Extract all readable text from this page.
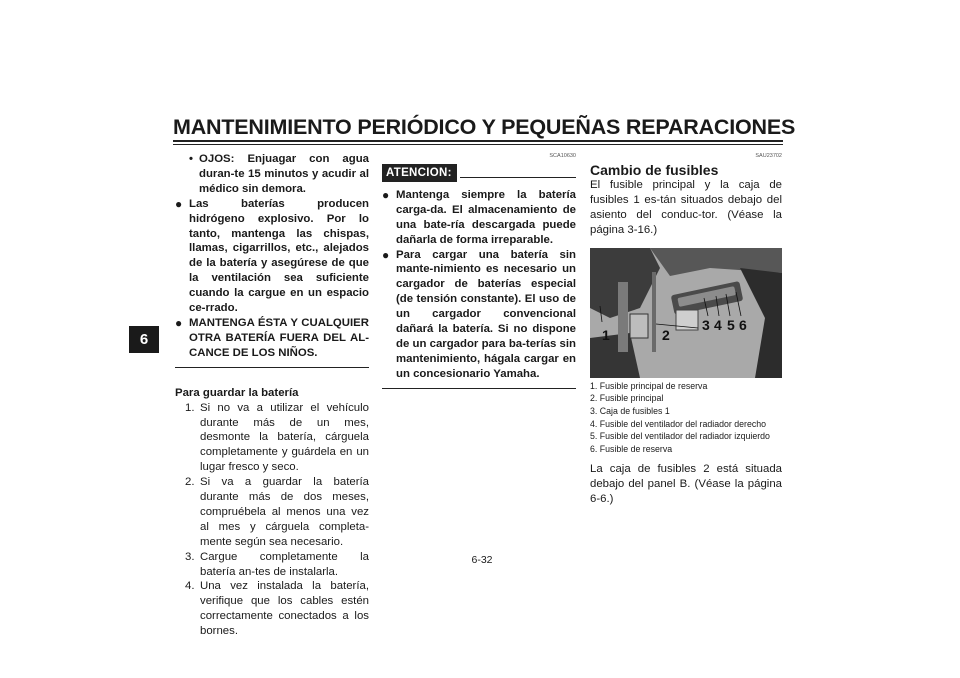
MANTENIMIENTO PERIÓDICO Y PEQUEÑAS REPARACIONES
6
• OJOS: Enjuagar con agua duran-te 15 minutos y acudir al médico sin demora.
● Las baterías producen hidrógeno explosivo. Por lo tanto, mantenga las chispas, llamas, cigarrillos, etc., alejados de la batería y asegúrese de que la ventilación sea suficiente cuando la cargue en un espacio ce-rrado.
● MANTENGA ÉSTA Y CUALQUIER OTRA BATERÍA FUERA DEL AL-CANCE DE LOS NIÑOS.
Para guardar la batería
1. Si no va a utilizar el vehículo durante más de un mes, desmonte la batería, cárguela completamente y guárdela en un lugar fresco y seco.
2. Si va a guardar la batería durante más de dos meses, compruébela al menos una vez al mes y cárguela completa-mente según sea necesario.
3. Cargue completamente la batería an-tes de instalarla.
4. Una vez instalada la batería, verifique que los cables estén correctamente conectados a los bornes.
SCA10630
ATENCION:
● Mantenga siempre la batería carga-da. El almacenamiento de una bate-ría descargada puede dañarla de forma irreparable.
● Para cargar una batería sin mante-nimiento es necesario un cargador de baterías especial (de tensión constante). El uso de un cargador convencional dañará la batería. Si no dispone de un cargador para ba-terías sin mantenimiento, hágala cargar en un concesionario Yamaha.
SAU23702
Cambio de fusibles
El fusible principal y la caja de fusibles 1 es-tán situados debajo del asiento del conduc-tor. (Véase la página 3-16.)
1	2
3 4 5 6
1. Fusible principal de reserva
2. Fusible principal
3. Caja de fusibles 1
4. Fusible del ventilador del radiador derecho
5. Fusible del ventilador del radiador izquierdo
6. Fusible de reserva
La caja de fusibles 2 está situada debajo del panel B. (Véase la página 6-6.)
6-32
